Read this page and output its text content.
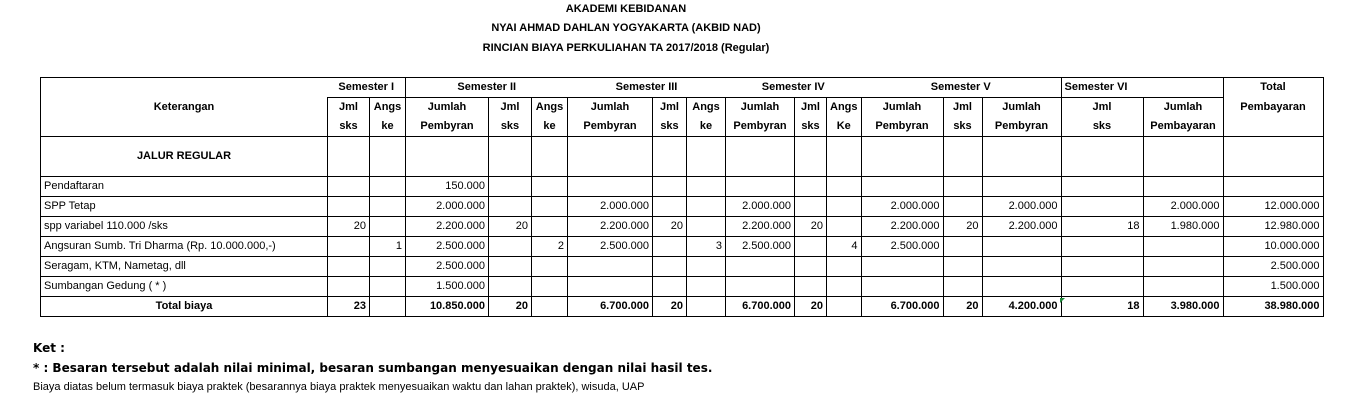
AKADEMI KEBIDANAN
NYAI AHMAD DAHLAN YOGYAKARTA (AKBID NAD)
RINCIAN BIAYA PERKULIAHAN TA 2017/2018 (Regular)
	Semester I		Semester II			Semester III			Semester IV			Semester V			Semester VI		Total
Keterangan	Jml	Angs	Jumlah	Jml	Angs	Jumlah	Jml	Angs	Jumlah	Jml	Angs	Jumlah	Jml	Jumlah	Jml	Jumlah	Pembayaran
	sks	ke	Pembyran	sks	ke	Pembyran	sks	ke	Pembyran	sks	Ke	Pembyran	sks	Pembyran	sks	Pembayaran	
JALUR REGULAR																	
Pendaftaran			150.000														
SPP Tetap			2.000.000			2.000.000			2.000.000			2.000.000		2.000.000		2.000.000	12.000.000
spp variabel 110.000 /sks	20		2.200.000	20		2.200.000	20		2.200.000	20		2.200.000	20	2.200.000	18	1.980.000	12.980.000
Angsuran Sumb. Tri Dharma (Rp. 10.000.000,-)		1	2.500.000		2	2.500.000		3	2.500.000		4	2.500.000					10.000.000
Seragam, KTM, Nametag, dll			2.500.000														2.500.000
Sumbangan Gedung ( * )			1.500.000														1.500.000
Total biaya	23		10.850.000	20		6.700.000	20		6.700.000	20		6.700.000	20	4.200.000	18	3.980.000	38.980.000
Ket :
* : Besaran tersebut adalah nilai minimal, besaran sumbangan menyesuaikan dengan nilai hasil tes.
Biaya diatas belum termasuk biaya praktek (besarannya biaya praktek menyesuaikan waktu dan lahan praktek), wisuda, UAP
